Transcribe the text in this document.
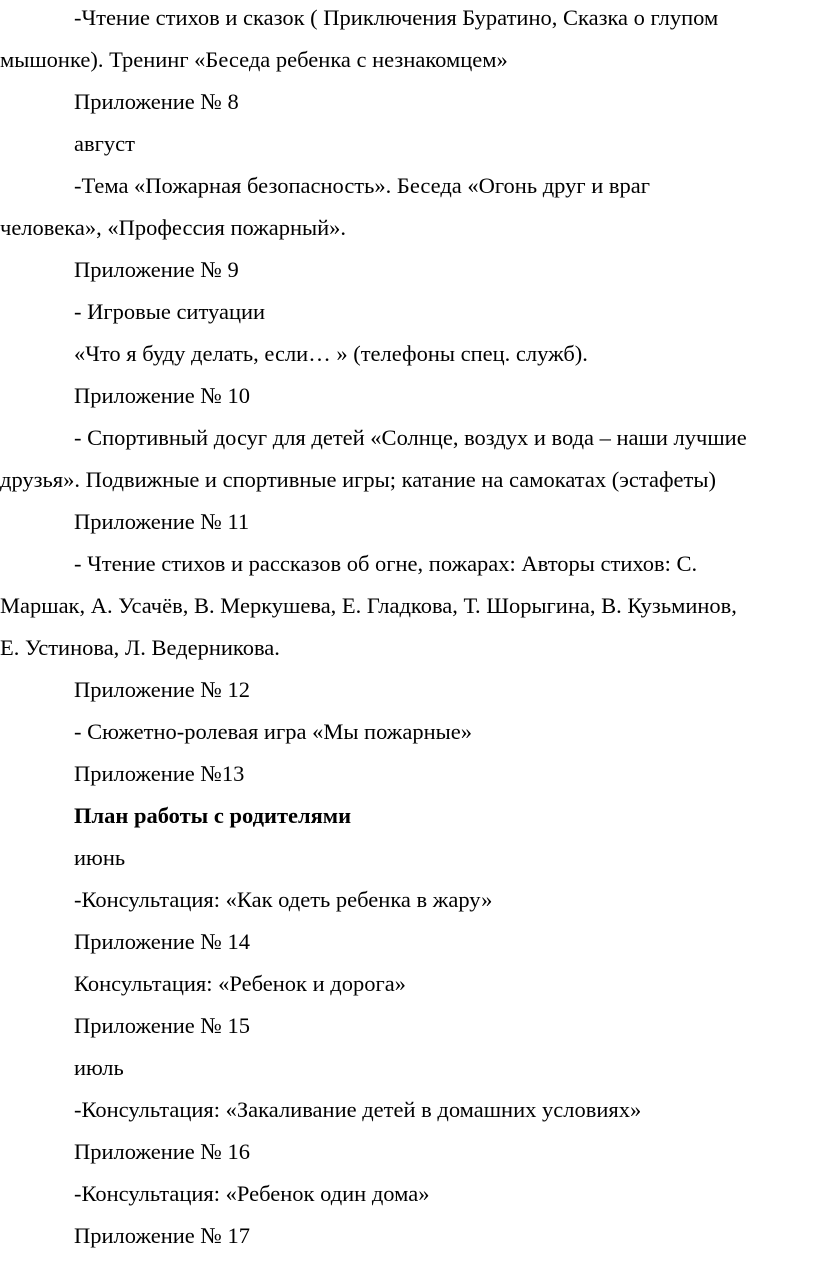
-Чтение стихов и сказок ( Приключения Буратино, Сказка о глупом
мышонке). Тренинг «Беседа ребенка с незнакомцем»
Приложение № 8
август
-Тема «Пожарная безопасность». Беседа «Огонь друг и враг
человека», «Профессия пожарный».
Приложение № 9
- Игровые ситуации
«Что я буду делать, если… » (телефоны спец. служб).
Приложение № 10
- Спортивный досуг для детей «Солнце, воздух и вода – наши лучшие
друзья». Подвижные и спортивные игры; катание на самокатах (эстафеты)
Приложение № 11
- Чтение стихов и рассказов об огне, пожарах: Авторы стихов: С.
Маршак, А. Усачёв, В. Меркушева, Е. Гладкова, Т. Шорыгина, В. Кузьминов,
Е. Устинова, Л. Ведерникова.
Приложение № 12
- Сюжетно-ролевая игра «Мы пожарные»
Приложение №13
План работы с родителями
июнь
-Консультация: «Как одеть ребенка в жару»
Приложение № 14
Консультация: «Ребенок и дорога»
Приложение № 15
июль
-Консультация: «Закаливание детей в домашних условиях»
Приложение № 16
-Консультация: «Ребенок один дома»
Приложение № 17
